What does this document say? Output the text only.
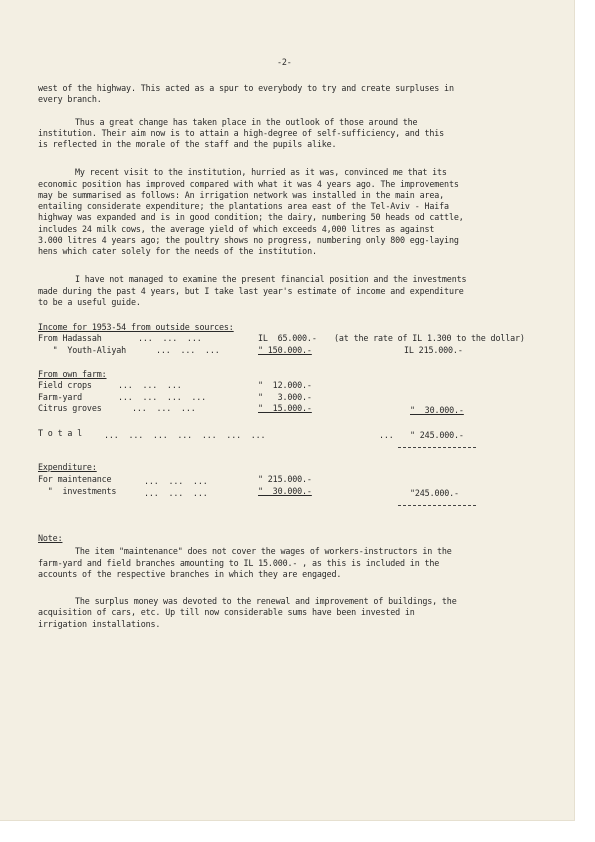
-2-
west of the highway. This acted as a spur to everybody to try and create surpluses in
every branch.
Thus a great change has taken place in the outlook of those around the
institution. Their aim now is to attain a high-degree of self-sufficiency, and this
is reflected in the morale of the staff and the pupils alike.
My recent visit to the institution, hurried as it was, convinced me that its
economic position has improved compared with what it was 4 years ago. The improvements
may be summarised as follows: An irrigation network was installed in the main area,
entailing considerate expenditure; the plantations area east of the Tel-Aviv - Haifa
highway was expanded and is in good condition; the dairy, numbering 50 heads od cattle,
includes 24 milk cows, the average yield of which exceeds 4,000 litres as against
3.000 litres 4 years ago; the poultry shows no progress, numbering only 800 egg-laying
hens which cater solely for the needs of the institution.
I have not managed to examine the present financial position and the investments
made during the past 4 years, but I take last year's estimate of income and expenditure
to be a useful guide.
Income for 1953-54 from outside sources:
From Hadassah	...  ...  ...	IL  65.000.- (at the rate of IL 1.300 to the dollar)
"  Youth-Aliyah	...  ...  ...	" 150.000.-	IL 215.000.-
From own farm:
Field crops	...  ...  ...	"  12.000.-
Farm-yard	...  ...  ...  ...	"   3.000.-
Citrus groves	...  ...  ...	"  15.000.-	"  30.000.-
T o t a l	...  ...  ...  ...  ...  ...  ...	... " 245.000.-
Expenditure:
For maintenance	...  ...  ...	" 215.000.-
"  investments	...  ...  ...	"  30.000.-	"245.000.-
Note:
The item "maintenance" does not cover the wages of workers-instructors in the
farm-yard and field branches amounting to IL 15.000.- , as this is included in the
accounts of the respective branches in which they are engaged.
The surplus money was devoted to the renewal and improvement of buildings, the
acquisition of cars, etc. Up till now considerable sums have been invested in
irrigation installations.
